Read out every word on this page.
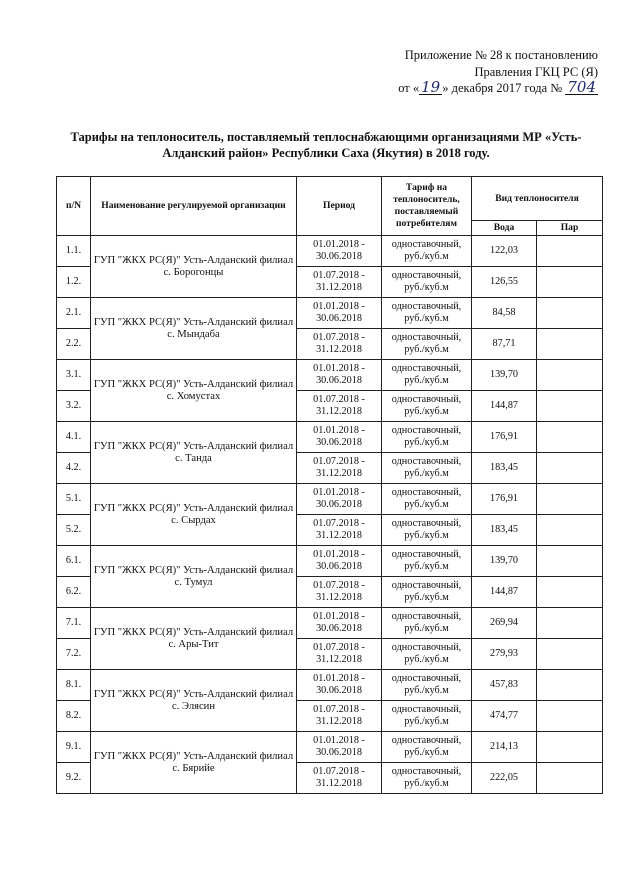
Приложение № 28 к постановлению
Правления ГКЦ РС (Я)
от « 19 » декабря 2017 года № 704
Тарифы на теплоноситель, поставляемый теплоснабжающими организациями МР «Усть-Алданский район» Республики Саха (Якутия) в 2018 году.
п/N	Наименование регулируемой организации	Период	Тариф на теплоноситель, поставляемый потребителям	Вид теплоносителя	
				Вода	Пар
1.1.	ГУП "ЖКХ РС(Я)" Усть-Алданский филиал с. Борогонцы	01.01.2018 - 30.06.2018	одноставочный, руб./куб.м	122,03	
1.2.		01.07.2018 - 31.12.2018	одноставочный, руб./куб.м	126,55	
2.1.	ГУП "ЖКХ РС(Я)" Усть-Алданский филиал с. Мындаба	01.01.2018 - 30.06.2018	одноставочный, руб./куб.м	84,58	
2.2.		01.07.2018 - 31.12.2018	одноставочный, руб./куб.м	87,71	
3.1.	ГУП "ЖКХ РС(Я)" Усть-Алданский филиал с. Хомустах	01.01.2018 - 30.06.2018	одноставочный, руб./куб.м	139,70	
3.2.		01.07.2018 - 31.12.2018	одноставочный, руб./куб.м	144,87	
4.1.	ГУП "ЖКХ РС(Я)" Усть-Алданский филиал с. Танда	01.01.2018 - 30.06.2018	одноставочный, руб./куб.м	176,91	
4.2.		01.07.2018 - 31.12.2018	одноставочный, руб./куб.м	183,45	
5.1.	ГУП "ЖКХ РС(Я)" Усть-Алданский филиал с. Сырдах	01.01.2018 - 30.06.2018	одноставочный, руб./куб.м	176,91	
5.2.		01.07.2018 - 31.12.2018	одноставочный, руб./куб.м	183,45	
6.1.	ГУП "ЖКХ РС(Я)" Усть-Алданский филиал с. Тумул	01.01.2018 - 30.06.2018	одноставочный, руб./куб.м	139,70	
6.2.		01.07.2018 - 31.12.2018	одноставочный, руб./куб.м	144,87	
7.1.	ГУП "ЖКХ РС(Я)" Усть-Алданский филиал с. Ары-Тит	01.01.2018 - 30.06.2018	одноставочный, руб./куб.м	269,94	
7.2.		01.07.2018 - 31.12.2018	одноставочный, руб./куб.м	279,93	
8.1.	ГУП "ЖКХ РС(Я)" Усть-Алданский филиал с. Элясин	01.01.2018 - 30.06.2018	одноставочный, руб./куб.м	457,83	
8.2.		01.07.2018 - 31.12.2018	одноставочный, руб./куб.м	474,77	
9.1.	ГУП "ЖКХ РС(Я)" Усть-Алданский филиал с. Бярийе	01.01.2018 - 30.06.2018	одноставочный, руб./куб.м	214,13	
9.2.		01.07.2018 - 31.12.2018	одноставочный, руб./куб.м	222,05	
